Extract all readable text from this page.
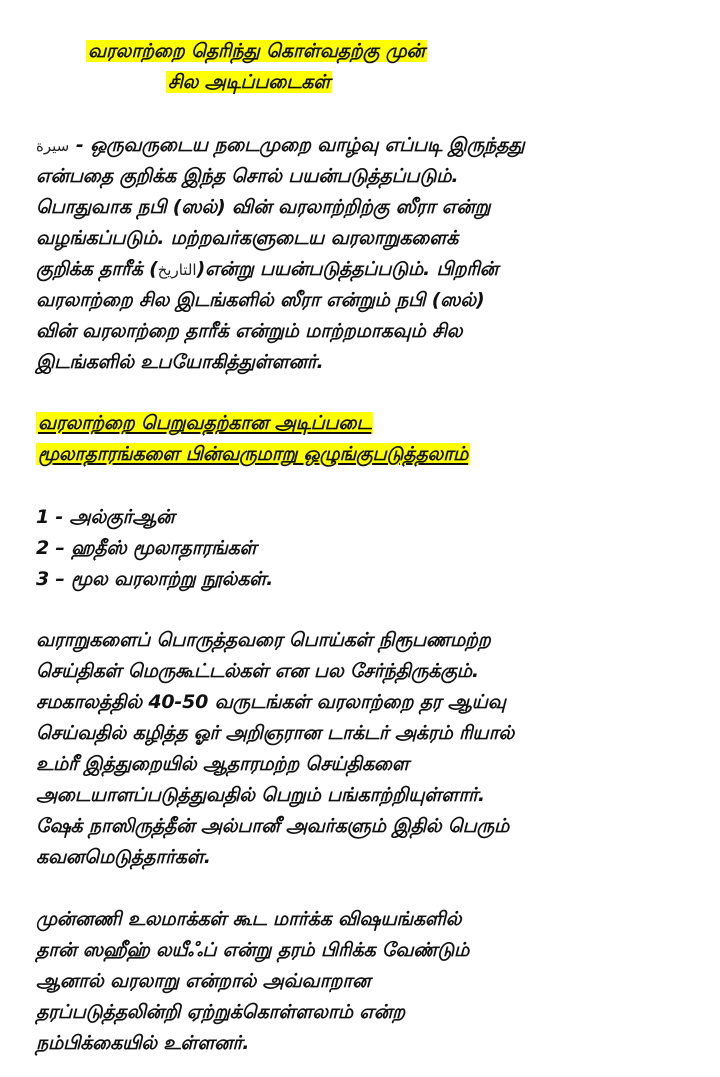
வரலாற்றை தெரிந்து கொள்வதற்கு முன்
சில அடிப்படைகள்
سيرة - ஒருவருடைய நடைமுறை வாழ்வு எப்படி இருந்தது
என்பதை குறிக்க இந்த சொல் பயன்படுத்தப்படும்.
பொதுவாக நபி (ஸல்) வின் வரலாற்றிற்கு ஸீரா என்று
வழங்கப்படும். மற்றவர்களுடைய வரலாறுகளைக்
குறிக்க தாரீக் (التاريخ)என்று பயன்படுத்தப்படும். பிறரின்
வரலாற்றை சில இடங்களில் ஸீரா என்றும் நபி (ஸல்)
வின் வரலாற்றை தாரீக் என்றும் மாற்றமாகவும் சில
இடங்களில் உபயோகித்துள்ளனர்.
வரலாற்றை பெறுவதற்கான அடிப்படை
மூலாதாரங்களை பின்வருமாறு ஒழுங்குபடுத்தலாம்
1 - அல்குர்ஆன்
2 – ஹதீஸ் மூலாதாரங்கள்
3 – மூல வரலாற்று நூல்கள்.
வராறுகளைப் பொருத்தவரை பொய்கள் நிரூபணமற்ற
செய்திகள் மெருகூட்டல்கள் என பல சேர்ந்திருக்கும்.
சமகாலத்தில் 40-50 வருடங்கள் வரலாற்றை தர ஆய்வு
செய்வதில் கழித்த ஓர் அறிஞரான டாக்டர் அக்ரம் ரியால்
உம்ரீ இத்துறையில் ஆதாரமற்ற செய்திகளை
அடையாளப்படுத்துவதில் பெறும் பங்காற்றியுள்ளார்.
ஷேக் நாஸிருத்தீன் அல்பானீ அவர்களும் இதில் பெரும்
கவனமெடுத்தார்கள்.
முன்னணி உலமாக்கள் கூட மார்க்க விஷயங்களில்
தான் ஸஹீஹ் லயீஃப் என்று தரம் பிரிக்க வேண்டும்
ஆனால் வரலாறு என்றால் அவ்வாறான
தரப்படுத்தலின்றி ஏற்றுக்கொள்ளலாம் என்ற
நம்பிக்கையில் உள்ளனர்.
